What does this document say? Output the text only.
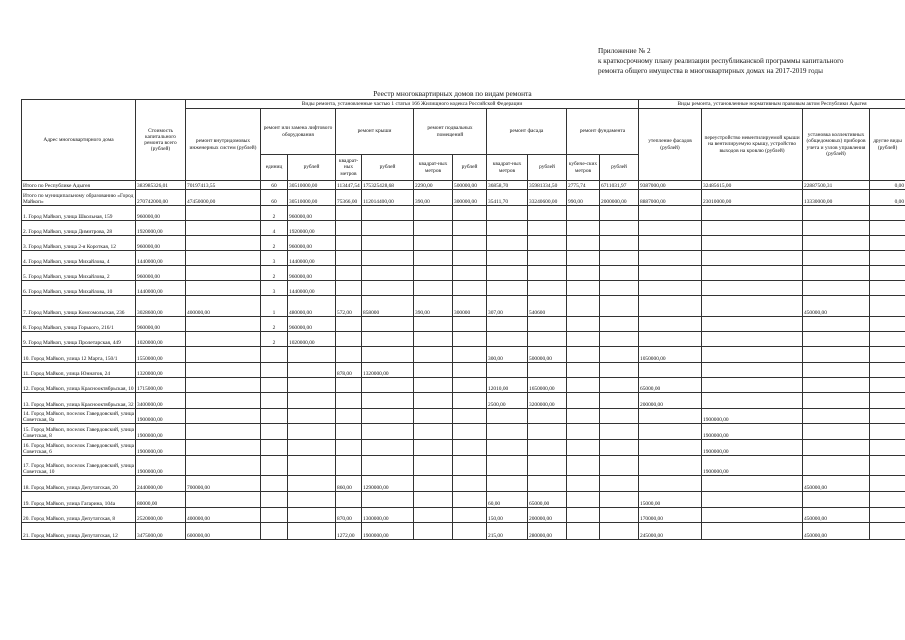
Приложение № 2
к краткосрочному плану реализации республиканской программы капитального
ремонта общего имущества в многоквартирных домах на 2017-2019 годы
Реестр многоквартирных домов по видам ремонта
Адрес многоквартирного дома	Стоимость капитального ремонта всего (рублей)	Виды ремонта, установленные частью 1 статьи 166 Жилищного кодекса Российской Федерации											Виды ремонта, установленные нормативным правовым актом Республики Адыгея			
		ремонт внутридомовых инженерных систем (рублей)	ремонт или замена лифтового оборудования		ремонт крыши		ремонт подвальных помещений		ремонт фасада		ремонт фундамента		утепление фасадов (рублей)	переустройство невентилируемой крыши на вентилируемую крышу, устройство выходов на кровлю (рублей)	установка коллективных (общедомовых) приборов учета и узлов управления (рублей)	другие виды (рублей)
			единиц	рублей	квадрат-ных метров	рублей	квадрат-ных метров	рублей	квадрат-ных метров	рублей	кубиче-ских метров	рублей				
Итого по Республике Адыгея	383985326,01	70197413,55	60	30510000,00	113447,54	175325428,68	2290,00	500000,00	36858,70	35981334,50	2775,74	6711031,97	9387000,00	32485615,00	22887500,31	0,00
Итого по муниципальному образованию «Город Майкоп»	270742000,00	47450000,00	60	30510000,00	75366,00	112014400,00	390,00	300000,00	35411,70	33240600,00	990,00	2000000,00	8887000,00	23010000,00	13330000,00	0,00
1. Город Майкоп, улица Школьная, 159	960000,00		2	960000,00												
2. Город Майкоп, улица Димитрова, 28	1920000,00		4	1920000,00												
3. Город Майкоп, улица 2-я Короткая, 12	960000,00		2	960000,00												
4. Город Майкоп, улица Михайлова, 4	1440000,00		3	1440000,00												
5. Город Майкоп, улица Михайлова, 2	960000,00		2	960000,00												
6. Город Майкоп, улица Михайлова, 10	1440000,00		3	1440000,00												
7. Город Майкоп, улица Комсомольская, 236	3028600,00	400000,00	1	480000,00	572,00	858000	390,00	300000	307,00	540600					450000,00	
8. Город Майкоп, улица Горького, 216/1	960000,00		2	960000,00												
9. Город Майкоп, улица Пролетарская, 449	1020000,00		2	1020000,00												
10. Город Майкоп, улица 12 Марта, 150/1	1550000,00								300,00	500000,00			1050000,00			
11. Город Майкоп, улица Юннатов, 24	1320000,00				878,00	1320000,00										
12. Город Майкоп, улица Краснооктябрьская, 10	1715000,00								12010,00	1650000,00			65000,00			
13. Город Майкоп, улица Краснооктябрьская, 32	3400000,00								2500,00	3200000,00			200000,00			
14. Город Майкоп, поселок Гавердовский, улица Советская, 8а	1900000,00													1900000,00		
15. Город Майкоп, поселок Гавердовский, улица Советская, 8	1900000,00													1900000,00		
16. Город Майкоп, поселок Гавердовский, улица Советская, 6	1900000,00													1900000,00		
17. Город Майкоп, поселок Гавердовский, улица Советская, 10	1900000,00													1900000,00		
18. Город Майкоп, улица Депутатская, 20	2440000,00	700000,00			860,00	1290000,00									450000,00	
19. Город Майкоп, улица Гагарина, 104а	80000,00								60,00	65000,00			15000,00			
20. Город Майкоп, улица Депутатская, 8	2520000,00	400000,00			870,00	1300000,00			150,00	200000,00			170000,00		450000,00	
21. Город Майкоп, улица Депутатская, 12	3475000,00	600000,00			1272,00	1900000,00			215,00	280000,00			245000,00		450000,00	
